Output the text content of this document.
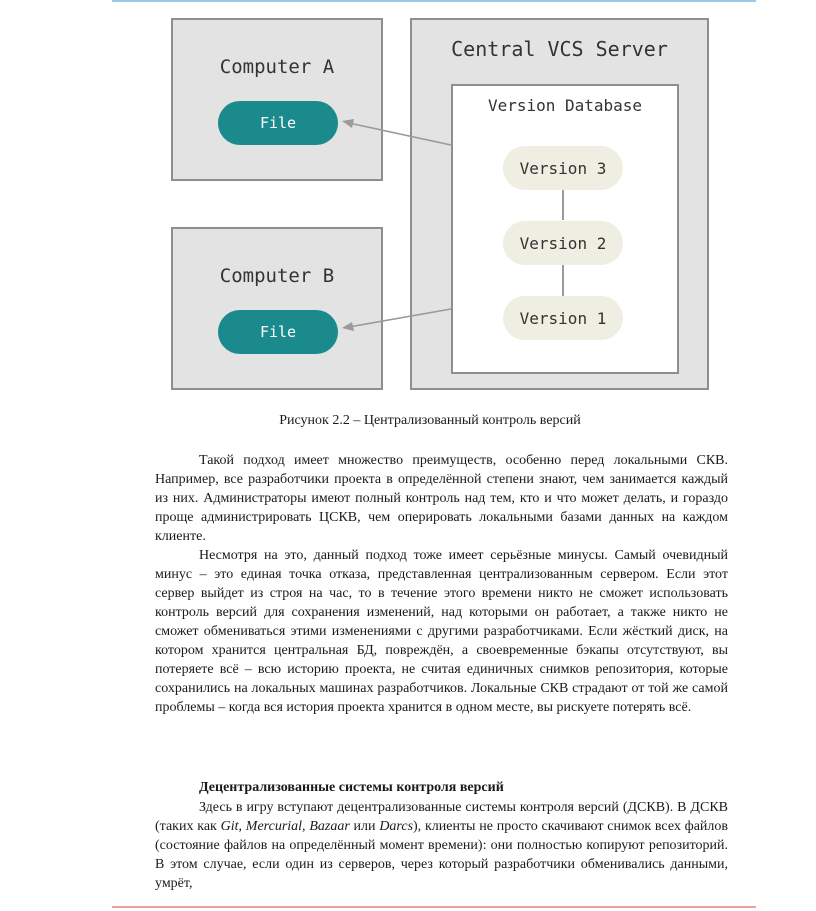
Computer A
File
Computer B
File
Central VCS Server
Version Database
Version 3
Version 2
Version 1
Рисунок 2.2 – Централизованный контроль версий

Такой подход имеет множество преимуществ, особенно перед локальными СКВ. Например, все разработчики проекта в определённой степени знают, чем занимается каждый из них. Администраторы имеют полный контроль над тем, кто и что может делать, и гораздо проще администрировать ЦСКВ, чем оперировать локальными базами данных на каждом клиенте.

Несмотря на это, данный подход тоже имеет серьёзные минусы. Самый очевидный минус – это единая точка отказа, представленная централизованным сервером. Если этот сервер выйдет из строя на час, то в течение этого времени никто не сможет использовать контроль версий для сохранения изменений, над которыми он работает, а также никто не сможет обмениваться этими изменениями с другими разработчиками. Если жёсткий диск, на котором хранится центральная БД, повреждён, а своевременные бэкапы отсутствуют, вы потеряете всё – всю историю проекта, не считая единичных снимков репозитория, которые сохранились на локальных машинах разработчиков. Локальные СКВ страдают от той же самой проблемы – когда вся история проекта хранится в одном месте, вы рискуете потерять всё.

Децентрализованные системы контроля версий

Здесь в игру вступают децентрализованные системы контроля версий (ДСКВ). В ДСКВ (таких как Git, Mercurial, Bazaar или Darcs), клиенты не просто скачивают снимок всех файлов (состояние файлов на определённый момент времени): они полностью копируют репозиторий. В этом случае, если один из серверов, через который разработчики обменивались данными, умрёт,
